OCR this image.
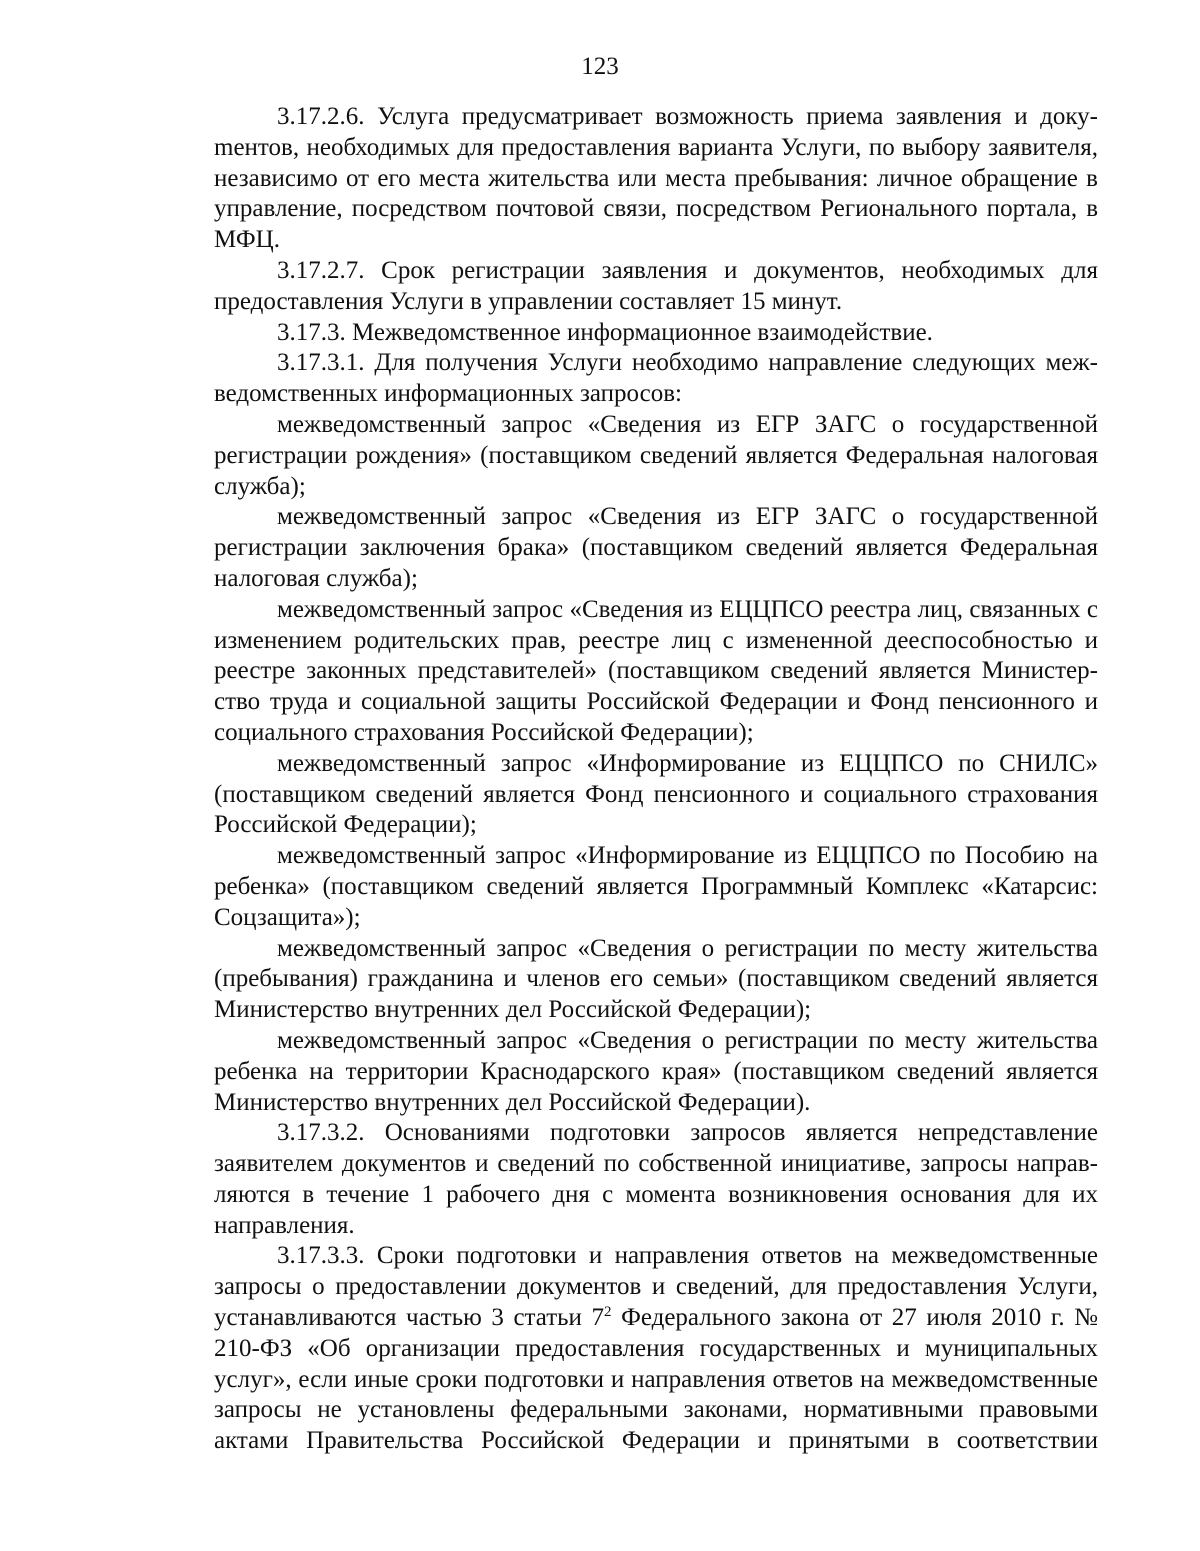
123

3.17.2.6. Услуга предусматривает возможность приема заявления и докуmентов, необходимых для предоставления варианта Услуги, по выбору заявителя, независимо от его места жительства или места пребывания: личное обращение в управление, посредством почтовой связи, посредством Регионального портала, в МФЦ.

3.17.2.7. Срок регистрации заявления и документов, необходимых для предоставления Услуги в управлении составляет 15 минут.

3.17.3. Межведомственное информационное взаимодействие.

3.17.3.1. Для получения Услуги необходимо направление следующих межведомственных информационных запросов:

межведомственный запрос «Сведения из ЕГР ЗАГС о государственной регистрации рождения» (поставщиком сведений является Федеральная налоговая служба);

межведомственный запрос «Сведения из ЕГР ЗАГС о государственной регистрации заключения брака» (поставщиком сведений является Федеральная налоговая служба);

межведомственный запрос «Сведения из ЕЦЦПСО реестра лиц, связанных с изменением родительских прав, реестре лиц с измененной дееспособностью и реестре законных представителей» (поставщиком сведений является Министерство труда и социальной защиты Российской Федерации и Фонд пенсионного и социального страхования Российской Федерации);

межведомственный запрос «Информирование из ЕЦЦПСО по СНИЛС» (поставщиком сведений является Фонд пенсионного и социального страхования Российской Федерации);

межведомственный запрос «Информирование из ЕЦЦПСО по Пособию на ребенка» (поставщиком сведений является Программный Комплекс «Катарсис: Соцзащита»);

межведомственный запрос «Сведения о регистрации по месту жительства (пребывания) гражданина и членов его семьи» (поставщиком сведений является Министерство внутренних дел Российской Федерации);

межведомственный запрос «Сведения о регистрации по месту жительства ребенка на территории Краснодарского края» (поставщиком сведений является Министерство внутренних дел Российской Федерации).

3.17.3.2. Основаниями подготовки запросов является непредставление заявителем документов и сведений по собственной инициативе, запросы направляются в течение 1 рабочего дня с момента возникновения основания для их направления.

3.17.3.3. Сроки подготовки и направления ответов на межведомственные запросы о предоставлении документов и сведений, для предоставления Услуги, устанавливаются частью 3 статьи $7^2$ Федерального закона от 27 июля 2010 г. № 210-ФЗ «Об организации предоставления государственных и муниципальных услуг», если иные сроки подготовки и направления ответов на межведомственные запросы не установлены федеральными законами, нормативными правовыми актами Правительства Российской Федерации и принятыми в соответствии
